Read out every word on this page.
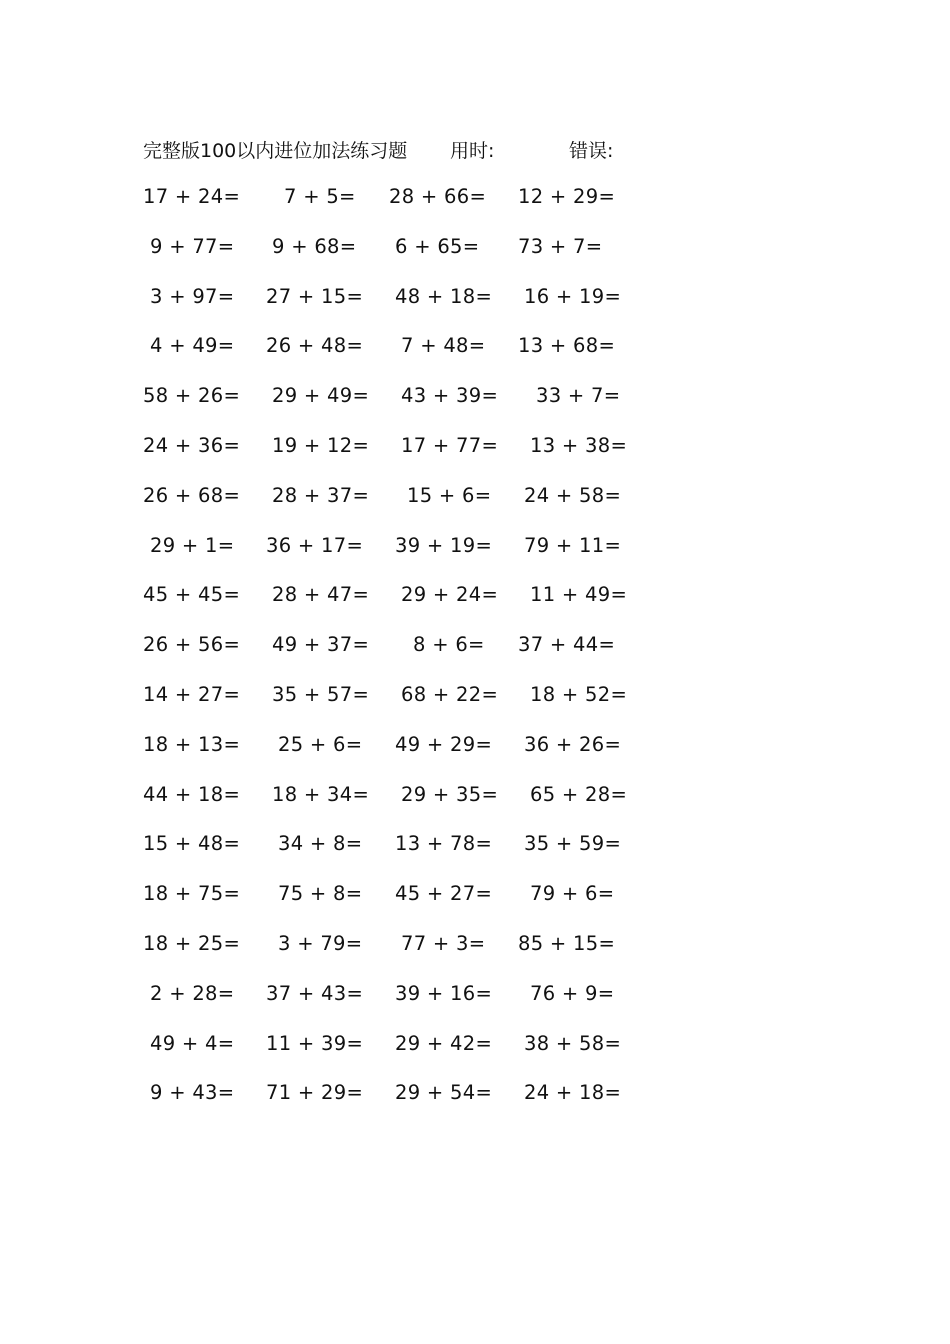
完整版100以内进位加法练习题 用时:	错误:
17 + 24= 7 + 5= 28 + 66= 12 + 29=
9 + 77= 9 + 68= 6 + 65= 73 + 7=
3 + 97= 27 + 15= 48 + 18= 16 + 19=
4 + 49= 26 + 48= 7 + 48= 13 + 68=
58 + 26= 29 + 49= 43 + 39= 33 + 7=
24 + 36= 19 + 12= 17 + 77= 13 + 38=
26 + 68= 28 + 37= 15 + 6= 24 + 58=
29 + 1= 36 + 17= 39 + 19= 79 + 11=
45 + 45= 28 + 47= 29 + 24= 11 + 49=
26 + 56= 49 + 37= 8 + 6= 37 + 44=
14 + 27= 35 + 57= 68 + 22= 18 + 52=
18 + 13= 25 + 6= 49 + 29= 36 + 26=
44 + 18= 18 + 34= 29 + 35= 65 + 28=
15 + 48= 34 + 8= 13 + 78= 35 + 59=
18 + 75= 75 + 8= 45 + 27= 79 + 6=
18 + 25= 3 + 79= 77 + 3= 85 + 15=
2 + 28= 37 + 43= 39 + 16= 76 + 9=
49 + 4= 11 + 39= 29 + 42= 38 + 58=
9 + 43= 71 + 29= 29 + 54= 24 + 18=
